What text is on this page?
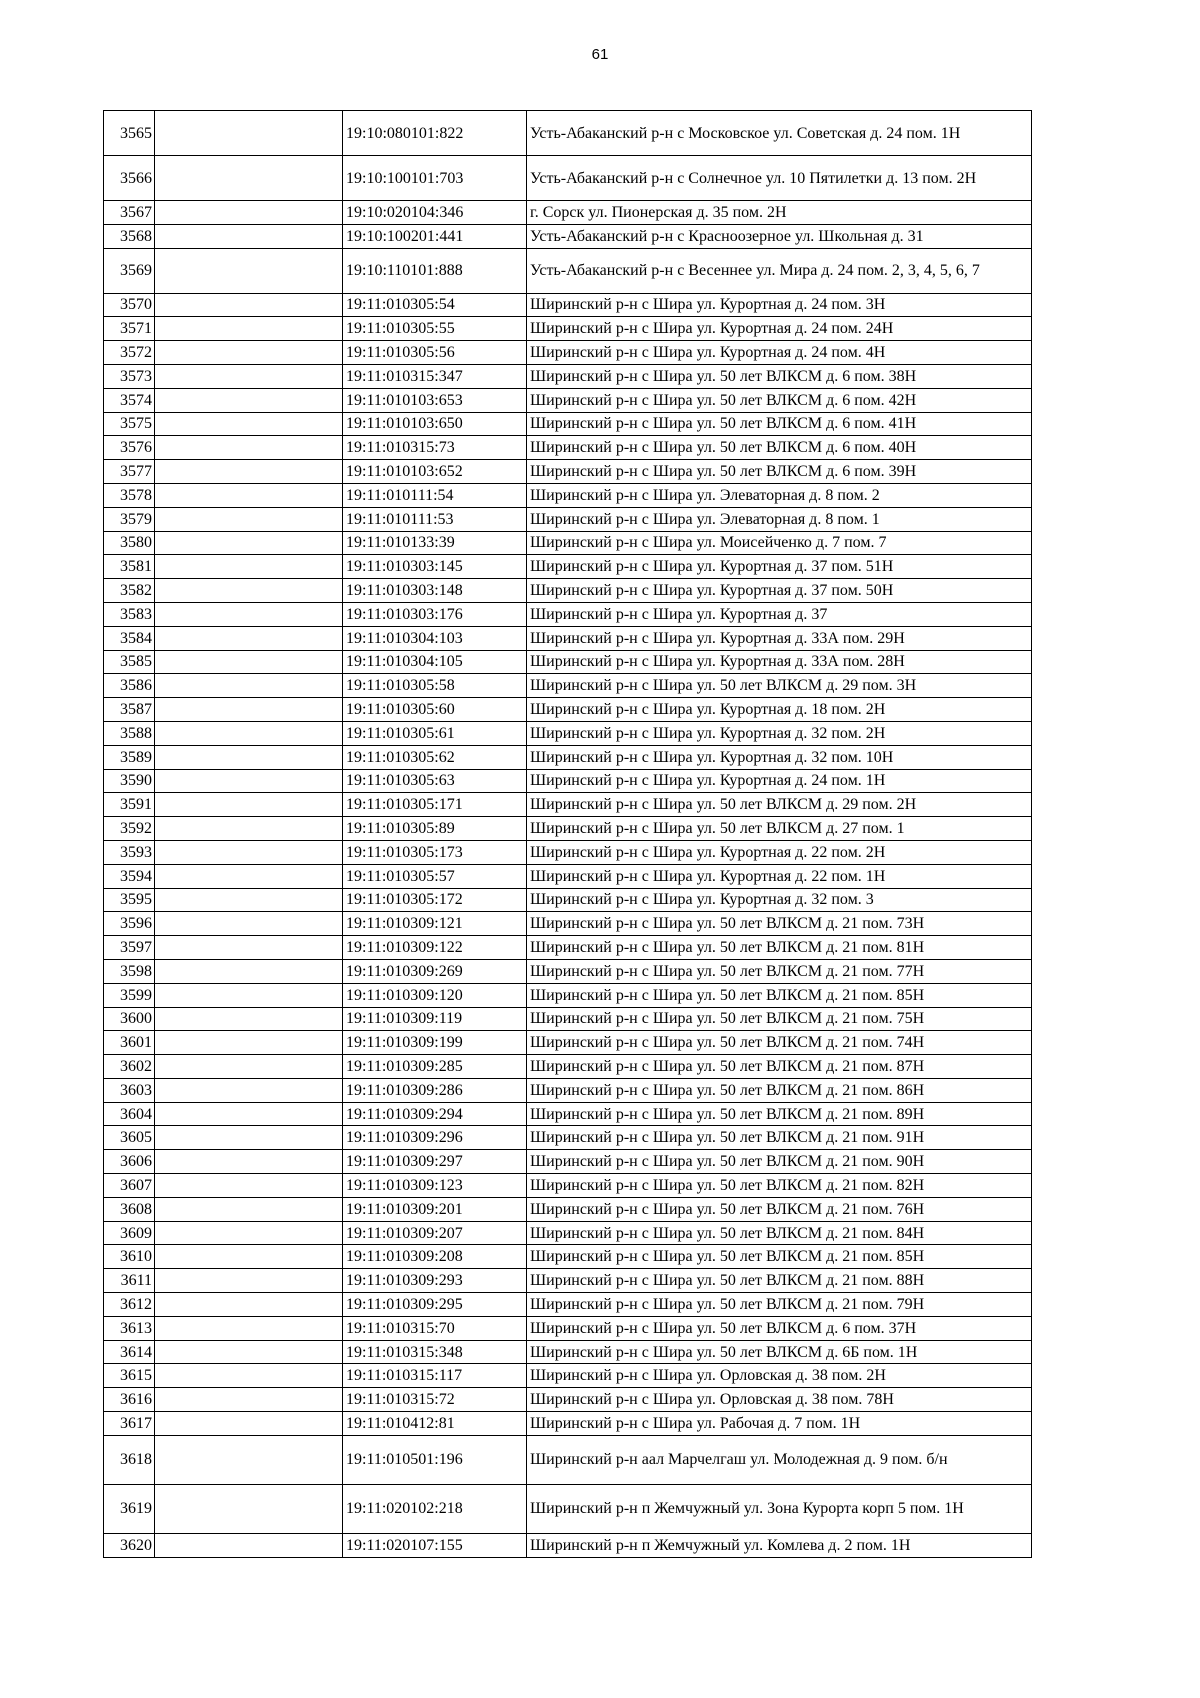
61
3565		19:10:080101:822	Усть-Абаканский р-н с Московское ул. Советская д. 24 пом. 1Н
3566		19:10:100101:703	Усть-Абаканский р-н с Солнечное ул. 10 Пятилетки д. 13 пом. 2Н
3567		19:10:020104:346	г. Сорск ул. Пионерская д. 35 пом. 2Н
3568		19:10:100201:441	Усть-Абаканский р-н с Красноозерное ул. Школьная д. 31
3569		19:10:110101:888	Усть-Абаканский р-н с Весеннее ул. Мира д. 24 пом. 2, 3, 4, 5, 6, 7
3570		19:11:010305:54	Ширинский р-н с Шира ул. Курортная д. 24 пом. 3Н
3571		19:11:010305:55	Ширинский р-н с Шира ул. Курортная д. 24 пом. 24Н
3572		19:11:010305:56	Ширинский р-н с Шира ул. Курортная д. 24 пом. 4Н
3573		19:11:010315:347	Ширинский р-н с Шира ул. 50 лет ВЛКСМ д. 6 пом. 38Н
3574		19:11:010103:653	Ширинский р-н с Шира ул. 50 лет ВЛКСМ д. 6 пом. 42Н
3575		19:11:010103:650	Ширинский р-н с Шира ул. 50 лет ВЛКСМ д. 6 пом. 41Н
3576		19:11:010315:73	Ширинский р-н с Шира ул. 50 лет ВЛКСМ д. 6 пом. 40Н
3577		19:11:010103:652	Ширинский р-н с Шира ул. 50 лет ВЛКСМ д. 6 пом. 39Н
3578		19:11:010111:54	Ширинский р-н с Шира ул. Элеваторная д. 8 пом. 2
3579		19:11:010111:53	Ширинский р-н с Шира ул. Элеваторная д. 8 пом. 1
3580		19:11:010133:39	Ширинский р-н с Шира ул. Моисейченко д. 7 пом. 7
3581		19:11:010303:145	Ширинский р-н с Шира ул. Курортная д. 37 пом. 51Н
3582		19:11:010303:148	Ширинский р-н с Шира ул. Курортная д. 37 пом. 50Н
3583		19:11:010303:176	Ширинский р-н с Шира ул. Курортная д. 37
3584		19:11:010304:103	Ширинский р-н с Шира ул. Курортная д. 33А пом. 29Н
3585		19:11:010304:105	Ширинский р-н с Шира ул. Курортная д. 33А пом. 28Н
3586		19:11:010305:58	Ширинский р-н с Шира ул. 50 лет ВЛКСМ д. 29 пом. 3Н
3587		19:11:010305:60	Ширинский р-н с Шира ул. Курортная д. 18 пом. 2Н
3588		19:11:010305:61	Ширинский р-н с Шира ул. Курортная д. 32 пом. 2Н
3589		19:11:010305:62	Ширинский р-н с Шира ул. Курортная д. 32 пом. 10Н
3590		19:11:010305:63	Ширинский р-н с Шира ул. Курортная д. 24 пом. 1Н
3591		19:11:010305:171	Ширинский р-н с Шира ул. 50 лет ВЛКСМ д. 29 пом. 2Н
3592		19:11:010305:89	Ширинский р-н с Шира ул. 50 лет ВЛКСМ д. 27 пом. 1
3593		19:11:010305:173	Ширинский р-н с Шира ул. Курортная д. 22 пом. 2Н
3594		19:11:010305:57	Ширинский р-н с Шира ул. Курортная д. 22 пом. 1Н
3595		19:11:010305:172	Ширинский р-н с Шира ул. Курортная д. 32 пом. 3
3596		19:11:010309:121	Ширинский р-н с Шира ул. 50 лет ВЛКСМ д. 21 пом. 73Н
3597		19:11:010309:122	Ширинский р-н с Шира ул. 50 лет ВЛКСМ д. 21 пом. 81Н
3598		19:11:010309:269	Ширинский р-н с Шира ул. 50 лет ВЛКСМ д. 21 пом. 77Н
3599		19:11:010309:120	Ширинский р-н с Шира ул. 50 лет ВЛКСМ д. 21 пом. 85Н
3600		19:11:010309:119	Ширинский р-н с Шира ул. 50 лет ВЛКСМ д. 21 пом. 75Н
3601		19:11:010309:199	Ширинский р-н с Шира ул. 50 лет ВЛКСМ д. 21 пом. 74Н
3602		19:11:010309:285	Ширинский р-н с Шира ул. 50 лет ВЛКСМ д. 21 пом. 87Н
3603		19:11:010309:286	Ширинский р-н с Шира ул. 50 лет ВЛКСМ д. 21 пом. 86Н
3604		19:11:010309:294	Ширинский р-н с Шира ул. 50 лет ВЛКСМ д. 21 пом. 89Н
3605		19:11:010309:296	Ширинский р-н с Шира ул. 50 лет ВЛКСМ д. 21 пом. 91Н
3606		19:11:010309:297	Ширинский р-н с Шира ул. 50 лет ВЛКСМ д. 21 пом. 90Н
3607		19:11:010309:123	Ширинский р-н с Шира ул. 50 лет ВЛКСМ д. 21 пом. 82Н
3608		19:11:010309:201	Ширинский р-н с Шира ул. 50 лет ВЛКСМ д. 21 пом. 76Н
3609		19:11:010309:207	Ширинский р-н с Шира ул. 50 лет ВЛКСМ д. 21 пом. 84Н
3610		19:11:010309:208	Ширинский р-н с Шира ул. 50 лет ВЛКСМ д. 21 пом. 85Н
3611		19:11:010309:293	Ширинский р-н с Шира ул. 50 лет ВЛКСМ д. 21 пом. 88Н
3612		19:11:010309:295	Ширинский р-н с Шира ул. 50 лет ВЛКСМ д. 21 пом. 79Н
3613		19:11:010315:70	Ширинский р-н с Шира ул. 50 лет ВЛКСМ д. 6 пом. 37Н
3614		19:11:010315:348	Ширинский р-н с Шира ул. 50 лет ВЛКСМ д. 6Б пом. 1Н
3615		19:11:010315:117	Ширинский р-н с Шира ул. Орловская д. 38 пом. 2Н
3616		19:11:010315:72	Ширинский р-н с Шира ул. Орловская д. 38 пом. 78Н
3617		19:11:010412:81	Ширинский р-н с Шира ул. Рабочая д. 7 пом. 1Н
3618		19:11:010501:196	Ширинский р-н аал Марчелгаш ул. Молодежная д. 9 пом. б/н
3619		19:11:020102:218	Ширинский р-н п Жемчужный ул. Зона Курорта корп 5 пом. 1Н
3620		19:11:020107:155	Ширинский р-н п Жемчужный ул. Комлева д. 2 пом. 1Н
